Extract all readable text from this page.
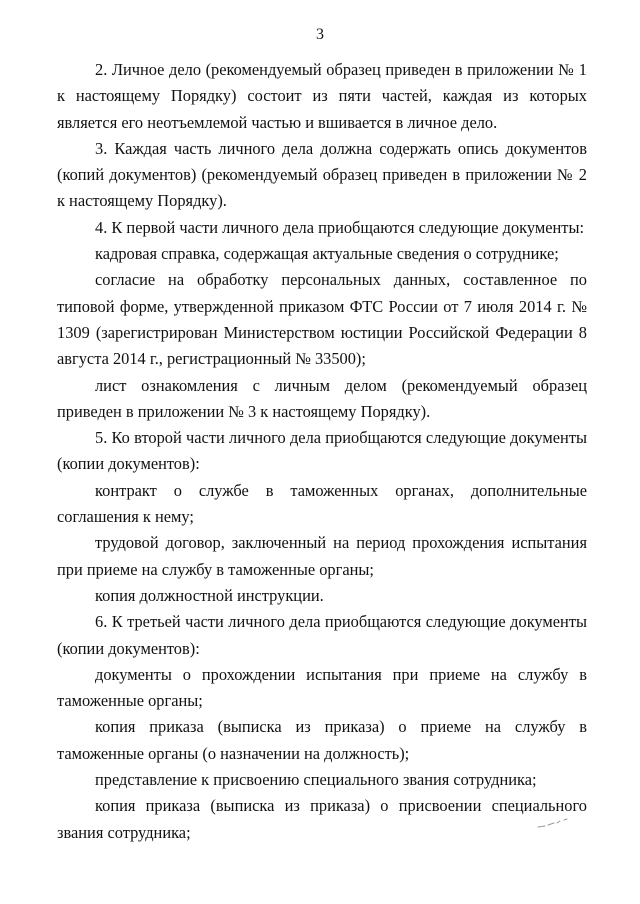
3

2. Личное дело (рекомендуемый образец приведен в приложении № 1 к настоящему Порядку) состоит из пяти частей, каждая из которых является его неотъемлемой частью и вшивается в личное дело.

3. Каждая часть личного дела должна содержать опись документов (копий документов) (рекомендуемый образец приведен в приложении № 2 к настоящему Порядку).

4. К первой части личного дела приобщаются следующие документы:

кадровая справка, содержащая актуальные сведения о сотруднике;

согласие на обработку персональных данных, составленное по типовой форме, утвержденной приказом ФТС России от 7 июля 2014 г. № 1309 (зарегистрирован Министерством юстиции Российской Федерации 8 августа 2014 г., регистрационный № 33500);

лист ознакомления с личным делом (рекомендуемый образец приведен в приложении № 3 к настоящему Порядку).

5. Ко второй части личного дела приобщаются следующие документы (копии документов):

контракт о службе в таможенных органах, дополнительные соглашения к нему;

трудовой договор, заключенный на период прохождения испытания при приеме на службу в таможенные органы;

копия должностной инструкции.

6. К третьей части личного дела приобщаются следующие документы (копии документов):

документы о прохождении испытания при приеме на службу в таможенные органы;

копия приказа (выписка из приказа) о приеме на службу в таможенные органы (о назначении на должность);

представление к присвоению специального звания сотрудника;

копия приказа (выписка из приказа) о присвоении специального звания сотрудника;
